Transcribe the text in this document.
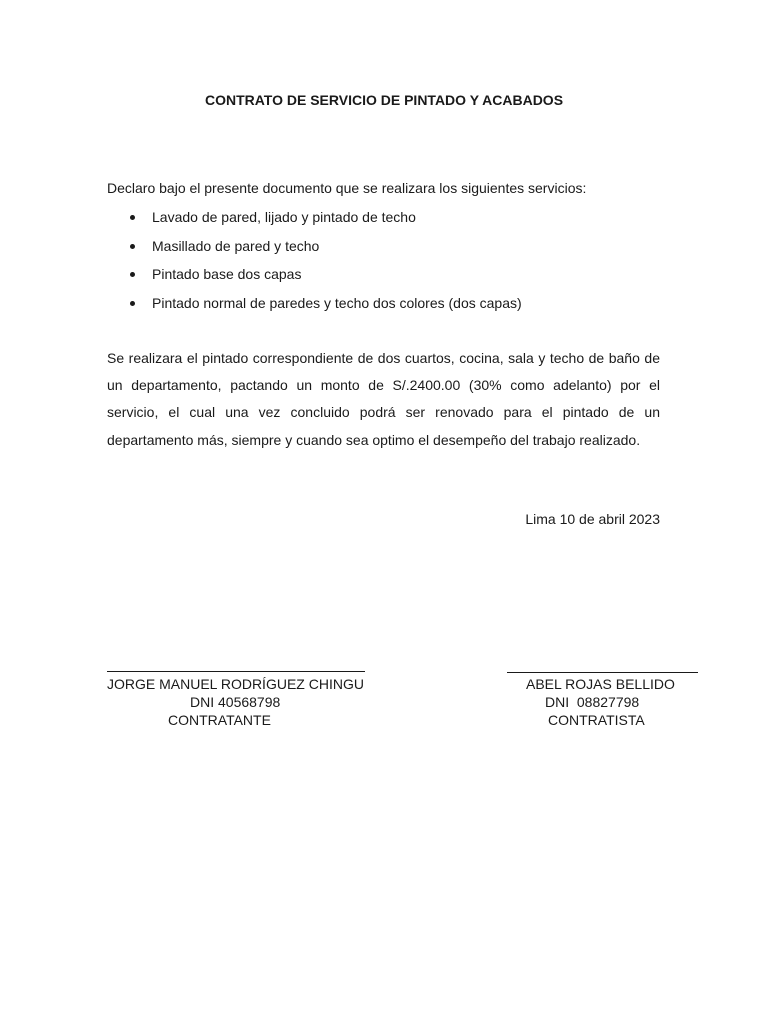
CONTRATO DE SERVICIO DE PINTADO Y ACABADOS

Declaro bajo el presente documento que se realizara los siguientes servicios:

Lavado de pared, lijado y pintado de techo
Masillado de pared y techo
Pintado base dos capas
Pintado normal de paredes y techo dos colores (dos capas)

Se realizara el pintado correspondiente de dos cuartos, cocina, sala y techo de baño de un departamento, pactando un monto de S/.2400.00 (30% como adelanto) por el servicio, el cual una vez concluido podrá ser renovado para el pintado de un departamento más, siempre y cuando sea optimo el desempeño del trabajo realizado.

Lima 10 de abril 2023

JORGE MANUEL RODRÍGUEZ CHINGU

DNI 40568798

CONTRATANTE

ABEL ROJAS BELLIDO

DNI  08827798

CONTRATISTA
